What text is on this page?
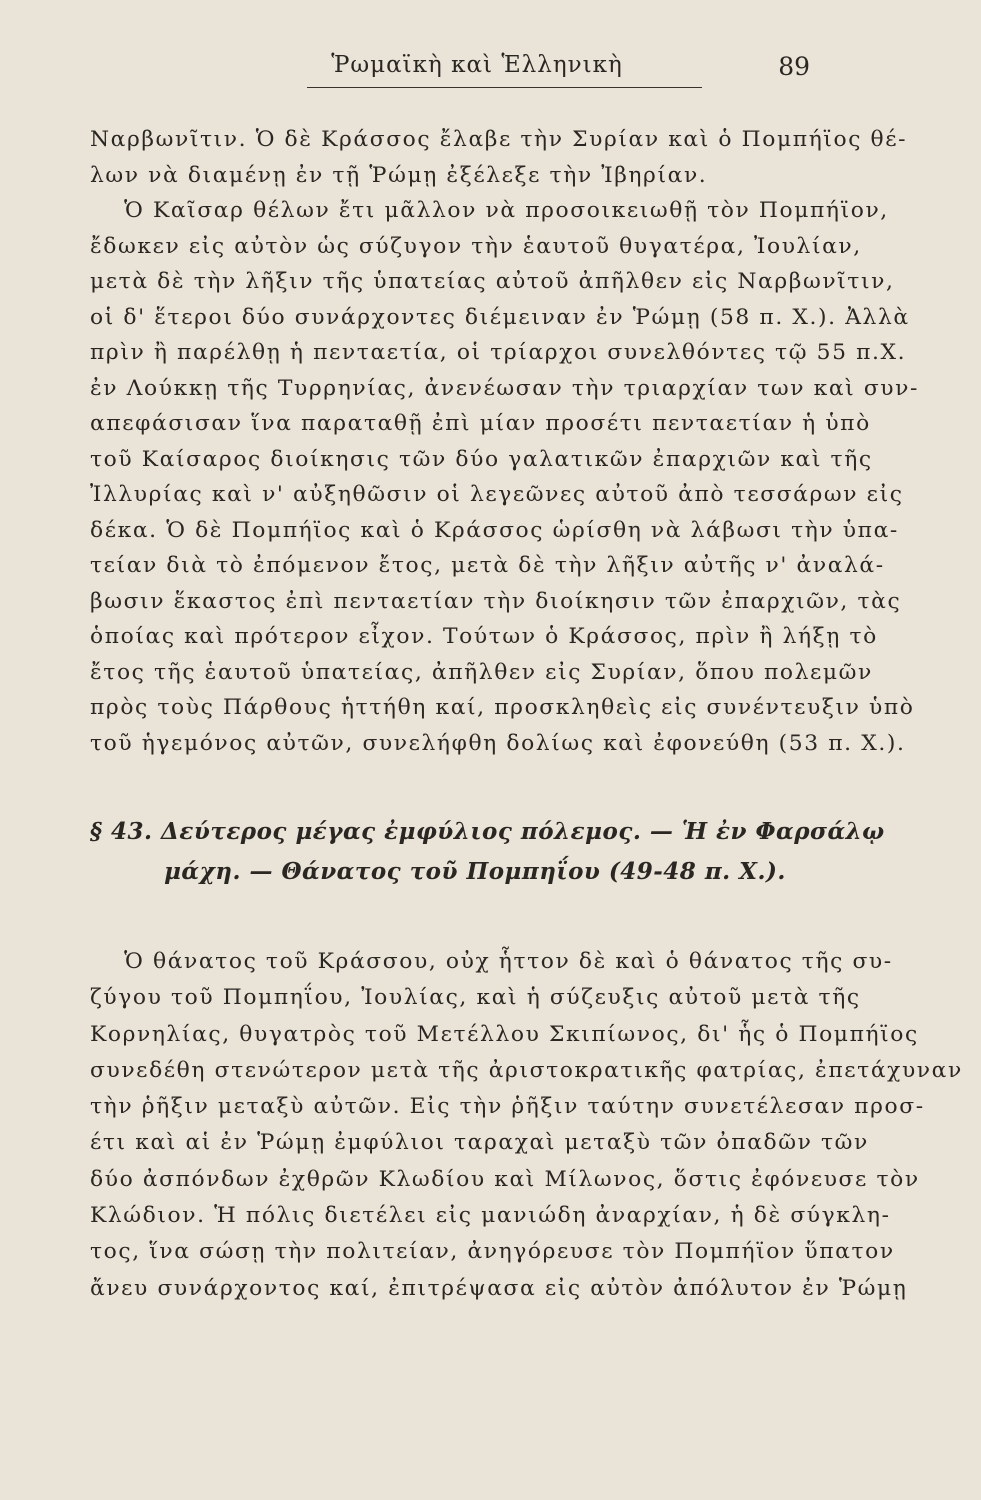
Ῥωμαϊκὴ καὶ Ἑλληνικὴ	89

Ναρβωνῖτιν. Ὁ δὲ Κράσσος ἔλαβε τὴν Συρίαν καὶ ὁ Πομπήϊος θέ-
λων νὰ διαμένῃ ἐν τῇ Ῥώμῃ ἐξέλεξε τὴν Ἰβηρίαν.
Ὁ Καῖσαρ θέλων ἔτι μᾶλλον νὰ προσοικειωθῇ τὸν Πομπήϊον,
ἔδωκεν εἰς αὐτὸν ὡς σύζυγον τὴν ἑαυτοῦ θυγατέρα, Ἰουλίαν,
μετὰ δὲ τὴν λῆξιν τῆς ὑπατείας αὐτοῦ ἀπῆλθεν εἰς Ναρβωνῖτιν,
οἱ δ' ἕτεροι δύο συνάρχοντες διέμειναν ἐν Ῥώμῃ (58 π. Χ.). Ἀλλὰ
πρὶν ἢ παρέλθῃ ἡ πενταετία, οἱ τρίαρχοι συνελθόντες τῷ 55 π.Χ.
ἐν Λούκκῃ τῆς Τυρρηνίας, ἀνενέωσαν τὴν τριαρχίαν των καὶ συν-
απεφάσισαν ἵνα παραταθῇ ἐπὶ μίαν προσέτι πενταετίαν ἡ ὑπὸ
τοῦ Καίσαρος διοίκησις τῶν δύο γαλατικῶν ἐπαρχιῶν καὶ τῆς
Ἰλλυρίας καὶ ν' αὐξηθῶσιν οἱ λεγεῶνες αὐτοῦ ἀπὸ τεσσάρων εἰς
δέκα. Ὁ δὲ Πομπήϊος καὶ ὁ Κράσσος ὡρίσθη νὰ λάβωσι τὴν ὑπα-
τείαν διὰ τὸ ἐπόμενον ἔτος, μετὰ δὲ τὴν λῆξιν αὐτῆς ν' ἀναλά-
βωσιν ἕκαστος ἐπὶ πενταετίαν τὴν διοίκησιν τῶν ἐπαρχιῶν, τὰς
ὁποίας καὶ πρότερον εἶχον. Τούτων ὁ Κράσσος, πρὶν ἢ λήξῃ τὸ
ἔτος τῆς ἑαυτοῦ ὑπατείας, ἀπῆλθεν εἰς Συρίαν, ὅπου πολεμῶν
πρὸς τοὺς Πάρθους ἡττήθη καί, προσκληθεὶς εἰς συνέντευξιν ὑπὸ
τοῦ ἡγεμόνος αὐτῶν, συνελήφθη δολίως καὶ ἐφονεύθη (53 π. Χ.).

§ 43. Δεύτερος μέγας ἐμφύλιος πόλεμος. — Ἡ ἐν Φαρσάλῳ
μάχη. — Θάνατος τοῦ Πομπηΐου (49-48 π. Χ.).

Ὁ θάνατος τοῦ Κράσσου, οὐχ ἧττον δὲ καὶ ὁ θάνατος τῆς συ-
ζύγου τοῦ Πομπηΐου, Ἰουλίας, καὶ ἡ σύζευξις αὐτοῦ μετὰ τῆς
Κορνηλίας, θυγατρὸς τοῦ Μετέλλου Σκιπίωνος, δι' ἧς ὁ Πομπήϊος
συνεδέθη στενώτερον μετὰ τῆς ἀριστοκρατικῆς φατρίας, ἐπετάχυναν
τὴν ῥῆξιν μεταξὺ αὐτῶν. Εἰς τὴν ῥῆξιν ταύτην συνετέλεσαν προσ-
έτι καὶ αἱ ἐν Ῥώμῃ ἐμφύλιοι ταραχαὶ μεταξὺ τῶν ὀπαδῶν τῶν
δύο ἀσπόνδων ἐχθρῶν Κλωδίου καὶ Μίλωνος, ὅστις ἐφόνευσε τὸν
Κλώδιον. Ἡ πόλις διετέλει εἰς μανιώδη ἀναρχίαν, ἡ δὲ σύγκλη-
τος, ἵνα σώσῃ τὴν πολιτείαν, ἀνηγόρευσε τὸν Πομπήϊον ὕπατον
ἄνευ συνάρχοντος καί, ἐπιτρέψασα εἰς αὐτὸν ἀπόλυτον ἐν Ῥώμῃ
